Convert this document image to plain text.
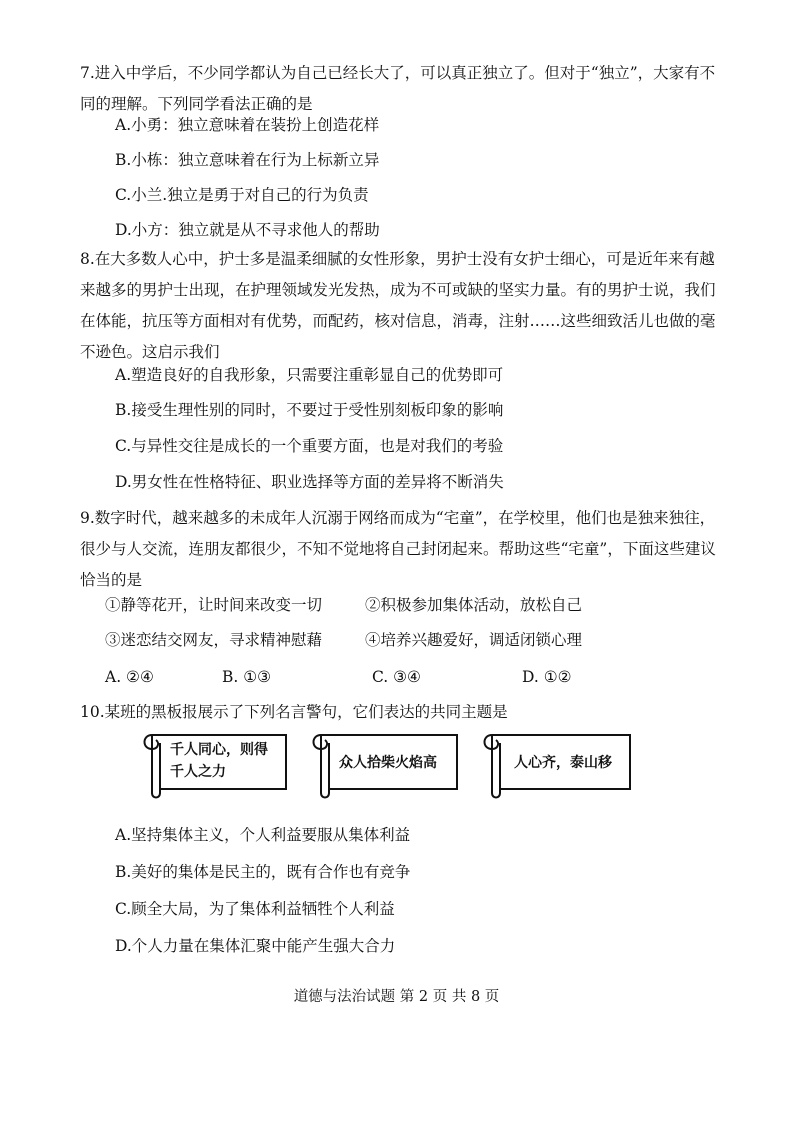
7.进入中学后，不少同学都认为自己已经长大了，可以真正独立了。但对于“独立”，大家有不同的理解。下列同学看法正确的是
A.小勇：独立意味着在装扮上创造花样
B.小栋：独立意味着在行为上标新立异
C.小兰.独立是勇于对自己的行为负责
D.小方：独立就是从不寻求他人的帮助
8.在大多数人心中，护士多是温柔细腻的女性形象，男护士没有女护士细心，可是近年来有越来越多的男护士出现，在护理领域发光发热，成为不可或缺的坚实力量。有的男护士说，我们在体能，抗压等方面相对有优势，而配药，核对信息，消毒，注射……这些细致活儿也做的毫不逊色。这启示我们
A.塑造良好的自我形象，只需要注重彰显自己的优势即可
B.接受生理性别的同时，不要过于受性别刻板印象的影响
C.与异性交往是成长的一个重要方面，也是对我们的考验
D.男女性在性格特征、职业选择等方面的差异将不断消失
9.数字时代，越来越多的未成年人沉溺于网络而成为“宅童”，在学校里，他们也是独来独往，很少与人交流，连朋友都很少，不知不觉地将自己封闭起来。帮助这些“宅童”，下面这些建议恰当的是
①静等花开，让时间来改变一切	②积极参加集体活动，放松自己
③迷恋结交网友，寻求精神慰藉	④培养兴趣爱好，调适闭锁心理
A. ②④	B. ①③	C. ③④	D. ①②
10.某班的黑板报展示了下列名言警句，它们表达的共同主题是
千人同心，则得
千人之力
众人拾柴火焰高	人心齐，泰山移
A.坚持集体主义，个人利益要服从集体利益
B.美好的集体是民主的，既有合作也有竞争
C.顾全大局，为了集体利益牺牲个人利益
D.个人力量在集体汇聚中能产生强大合力
道德与法治试题 第 2 页 共 8 页
